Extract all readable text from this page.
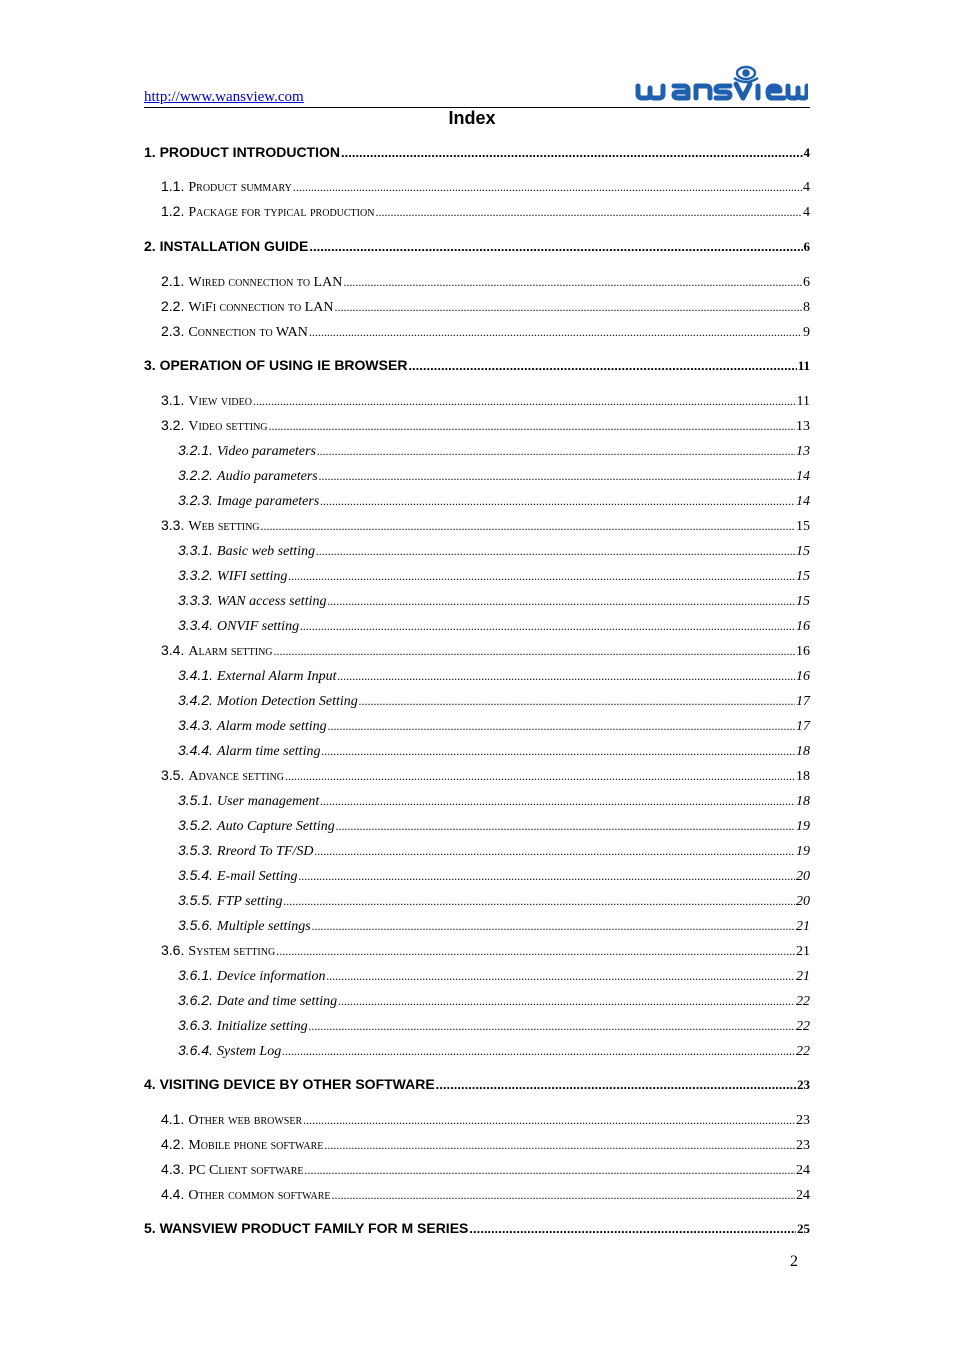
http://www.wansview.com
Index
1. PRODUCT INTRODUCTION .....	4
1.1. Product summary .....	4
1.2. Package for typical production .....	4
2. INSTALLATION GUIDE .....	6
2.1. Wired connection to LAN .....	6
2.2. WiFi connection to LAN .....	8
2.3. Connection to WAN .....	9
3. OPERATION OF USING IE BROWSER .....	11
3.1. View video .....	11
3.2. Video setting .....	13
3.2.1. Video parameters .....	13
3.2.2. Audio parameters .....	14
3.2.3. Image parameters .....	14
3.3. Web setting .....	15
3.3.1. Basic web setting .....	15
3.3.2. WIFI setting .....	15
3.3.3. WAN access setting .....	15
3.3.4. ONVIF setting .....	16
3.4. Alarm setting .....	16
3.4.1. External Alarm Input .....	16
3.4.2. Motion Detection Setting .....	17
3.4.3. Alarm mode setting .....	17
3.4.4. Alarm time setting .....	18
3.5. Advance setting .....	18
3.5.1. User management .....	18
3.5.2. Auto Capture Setting .....	19
3.5.3. Rreord To TF/SD .....	19
3.5.4. E-mail Setting .....	20
3.5.5. FTP setting .....	20
3.5.6. Multiple settings .....	21
3.6. System setting .....	21
3.6.1. Device information .....	21
3.6.2. Date and time setting .....	22
3.6.3. Initialize setting .....	22
3.6.4. System Log .....	22
4. VISITING DEVICE BY OTHER SOFTWARE .....	23
4.1. Other web browser .....	23
4.2. Mobile phone software .....	23
4.3. PC Client software .....	24
4.4. Other common software .....	24
5. WANSVIEW PRODUCT FAMILY FOR M SERIES .....	25
2
